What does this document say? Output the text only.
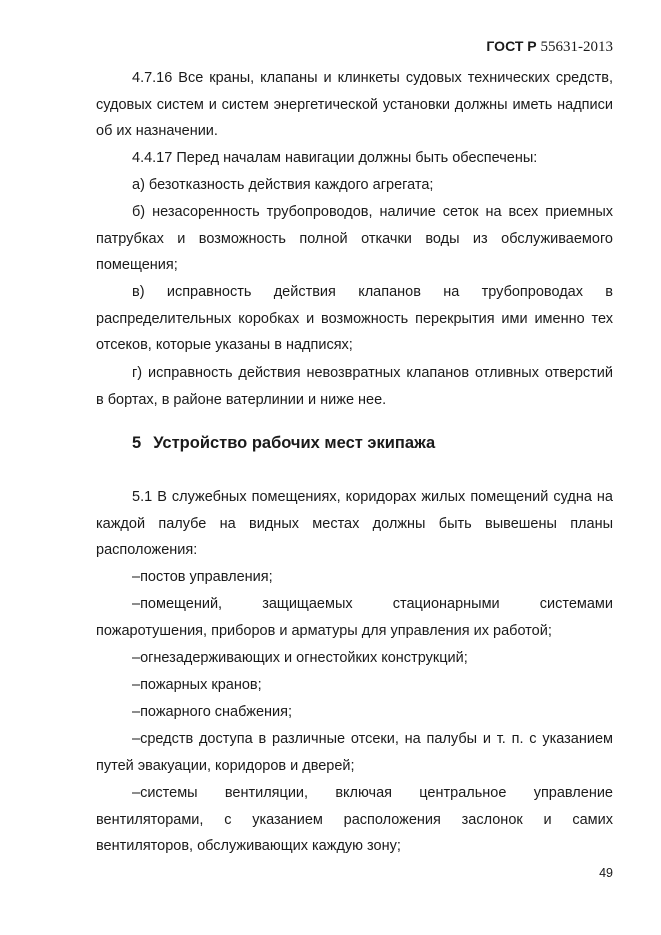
ГОСТ Р 55631-2013

4.7.16 Все краны, клапаны и клинкеты судовых технических средств, судовых систем и систем энергетической установки должны иметь надписи об их назначении.

4.4.17 Перед началам навигации должны быть обеспечены:

а) безотказность действия каждого агрегата;

б) незасоренность трубопроводов, наличие сеток на всех приемных патрубках и возможность полной откачки воды из обслуживаемого помещения;

в) исправность действия клапанов на трубопроводах в распределительных коробках и возможность перекрытия ими именно тех отсеков, которые указаны в надписях;

г) исправность действия невозвратных клапанов отливных отверстий в бортах, в районе ватерлинии и ниже нее.

5 Устройство рабочих мест экипажа

5.1 В служебных помещениях, коридорах жилых помещений судна на каждой палубе на видных местах должны быть вывешены планы расположения:

–постов управления;

–помещений, защищаемых стационарными системами пожаротушения, приборов и арматуры для управления их работой;

–огнезадерживающих и огнестойких конструкций;

–пожарных кранов;

–пожарного снабжения;

–средств доступа в различные отсеки, на палубы и т. п. с указанием путей эвакуации, коридоров и дверей;

–системы вентиляции, включая центральное управление вентиляторами, с указанием расположения заслонок и самих вентиляторов, обслуживающих каждую зону;

49
